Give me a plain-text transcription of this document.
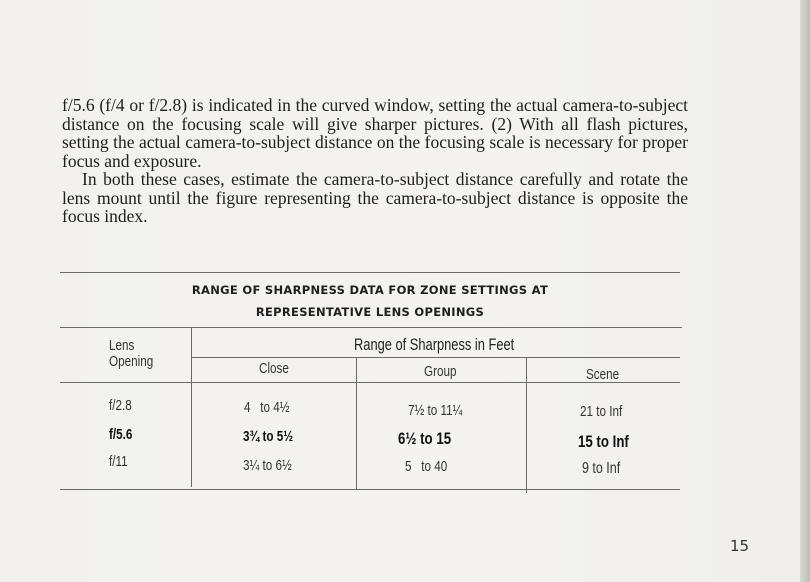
f/5.6 (f/4 or f/2.8) is indicated in the curved window, setting the actual camera-to-subject distance on the focusing scale will give sharper pictures. (2) With all flash pictures, setting the actual camera-to-subject distance on the focusing scale is necessary for proper focus and exposure.

In both these cases, estimate the camera-to-subject distance carefully and rotate the lens mount until the figure representing the camera-to-subject distance is opposite the focus index.

RANGE OF SHARPNESS DATA FOR ZONE SETTINGS AT
REPRESENTATIVE LENS OPENINGS
Lens
Opening
Range of Sharpness in Feet
Close	Group	Scene
f/2.8	4   to 4½	7½ to 11¼	21 to Inf
f/5.6	3¾ to 5½	6½ to 15	15 to Inf
f/11	3¼ to 6½	5   to 40	9 to Inf
15
